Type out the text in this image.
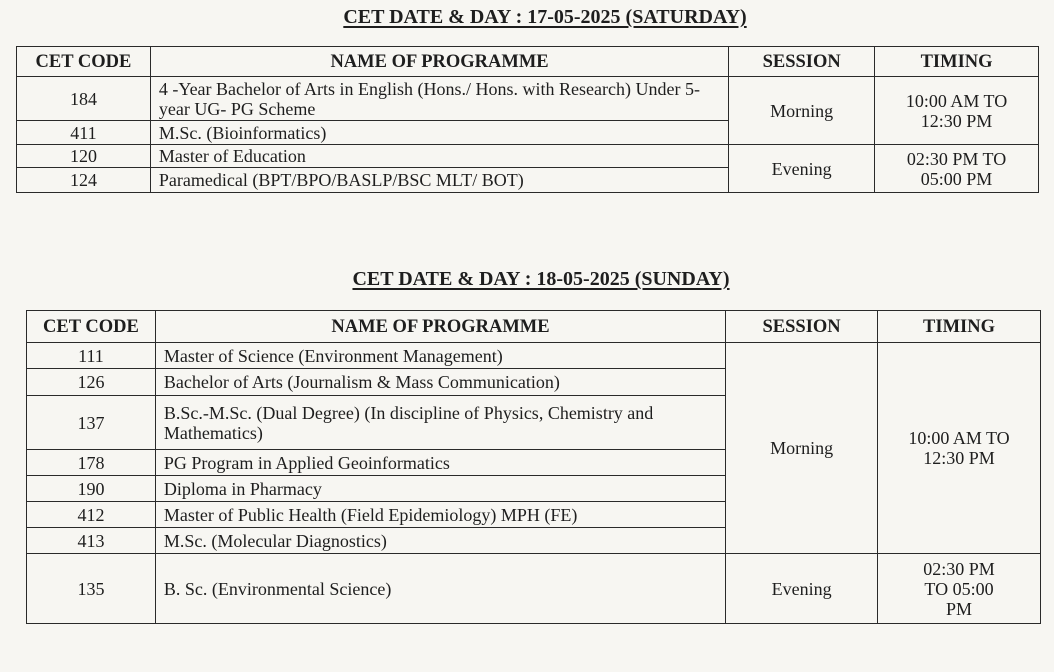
CET DATE & DAY : 17-05-2025 (SATURDAY)
CET CODE	NAME OF PROGRAMME	SESSION	TIMING
184	4 -Year Bachelor of Arts in English (Hons./ Hons. with Research) Under 5-year UG- PG Scheme	Morning	10:00 AM TO 12:30 PM
411	M.Sc. (Bioinformatics)		
120	Master of Education	Evening	02:30 PM TO 05:00 PM
124	Paramedical (BPT/BPO/BASLP/BSC MLT/ BOT)		
CET DATE & DAY : 18-05-2025 (SUNDAY)
CET CODE	NAME OF PROGRAMME	SESSION	TIMING
111	Master of Science (Environment Management)	Morning	10:00 AM TO 12:30 PM
126	Bachelor of Arts (Journalism & Mass Communication)		
137	B.Sc.-M.Sc. (Dual Degree) (In discipline of Physics, Chemistry and Mathematics)		
178	PG Program in Applied Geoinformatics		
190	Diploma in Pharmacy		
412	Master of Public Health (Field Epidemiology) MPH (FE)		
413	M.Sc. (Molecular Diagnostics)		
135	B. Sc. (Environmental Science)	Evening	02:30 PM TO 05:00 PM
